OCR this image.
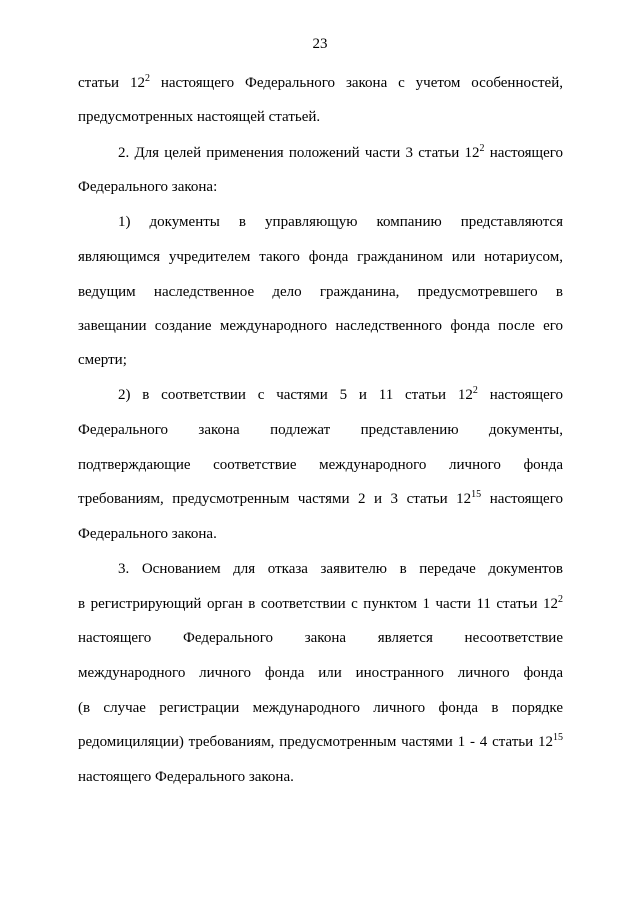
23
статьи $12^2$ настоящего Федерального закона с учетом особенностей,
предусмотренных настоящей статьей.
2. Для целей применения положений части 3 статьи $12^2$ настоящего
Федерального закона:
1) документы в управляющую компанию представляются
являющимся учредителем такого фонда гражданином или нотариусом,
ведущим наследственное дело гражданина, предусмотревшего в
завещании создание международного наследственного фонда после его
смерти;
2) в соответствии с частями 5 и 11 статьи $12^2$ настоящего
Федерального закона подлежат представлению документы,
подтверждающие соответствие международного личного фонда
требованиям, предусмотренным частями 2 и 3 статьи $12^{15}$ настоящего
Федерального закона.
3. Основанием для отказа заявителю в передаче документов
в регистрирующий орган в соответствии с пунктом 1 части 11 статьи $12^2$
настоящего Федерального закона является несоответствие
международного личного фонда или иностранного личного фонда
(в случае регистрации международного личного фонда в порядке
редомициляции) требованиям, предусмотренным частями 1 - 4 статьи $12^{15}$
настоящего Федерального закона.
